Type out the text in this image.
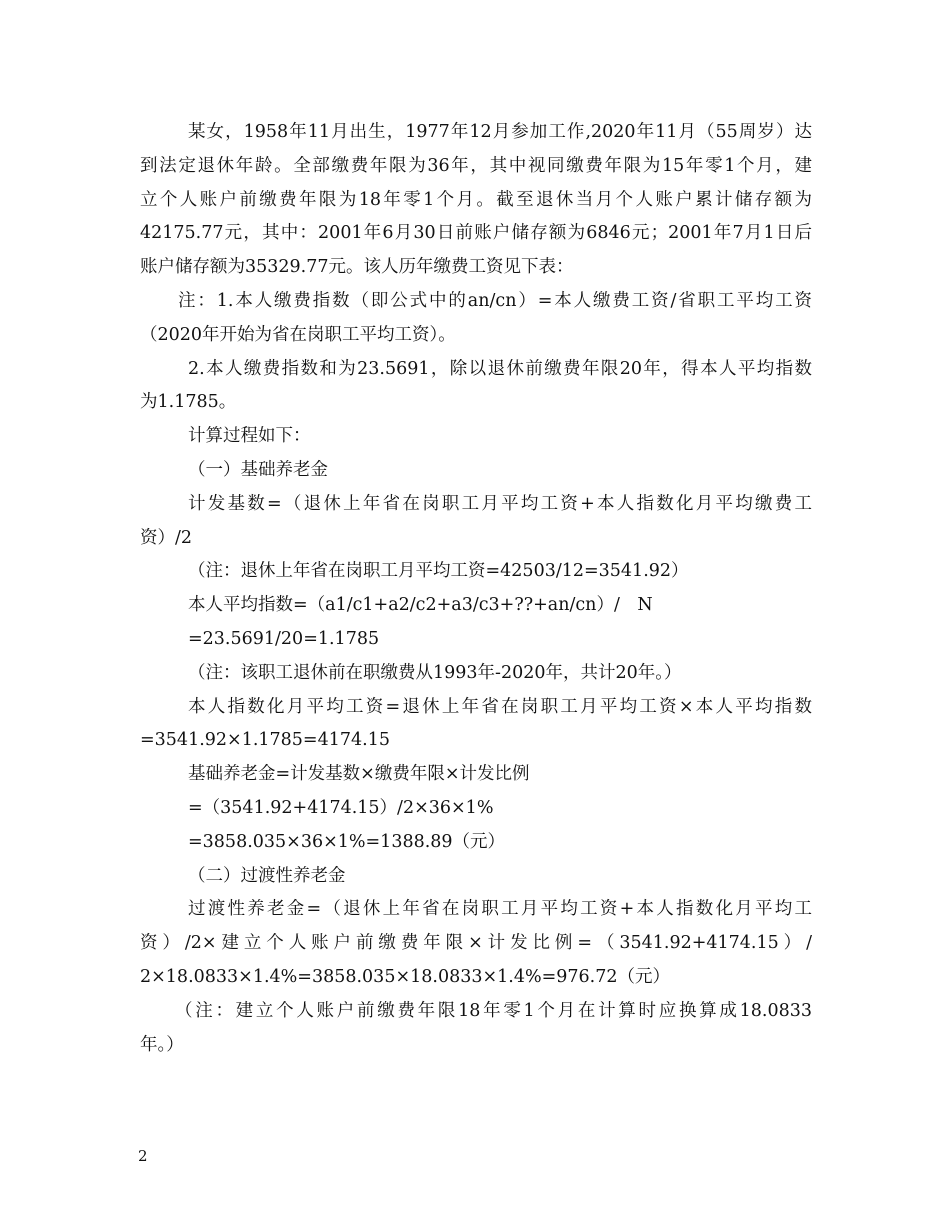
某女，1958年11月出生，1977年12月参加工作,2020年11月（55周岁）达
到法定退休年龄。全部缴费年限为36年，其中视同缴费年限为15年零1个月，建
立个人账户前缴费年限为18年零1个月。截至退休当月个人账户累计储存额为
42175.77元，其中：2001年6月30日前账户储存额为6846元；2001年7月1日后
账户储存额为35329.77元。该人历年缴费工资见下表：
注：1.本人缴费指数（即公式中的an/cn）=本人缴费工资/省职工平均工资
（2020年开始为省在岗职工平均工资）。
2.本人缴费指数和为23.5691，除以退休前缴费年限20年，得本人平均指数
为1.1785。
计算过程如下：
（一）基础养老金
计发基数=（退休上年省在岗职工月平均工资+本人指数化月平均缴费工
资）/2
（注：退休上年省在岗职工月平均工资=42503/12=3541.92）
本人平均指数=（a1/c1+a2/c2+a3/c3+??+an/cn）/　N
=23.5691/20=1.1785
（注：该职工退休前在职缴费从1993年-2020年，共计20年。）
本人指数化月平均工资=退休上年省在岗职工月平均工资×本人平均指数
=3541.92×1.1785=4174.15
基础养老金=计发基数×缴费年限×计发比例
=（3541.92+4174.15）/2×36×1%
=3858.035×36×1%=1388.89（元）
（二）过渡性养老金
过渡性养老金=（退休上年省在岗职工月平均工资+本人指数化月平均工
资）/2×建立个人账户前缴费年限×计发比例=（3541.92+4174.15）/
2×18.0833×1.4%=3858.035×18.0833×1.4%=976.72（元）
（注：建立个人账户前缴费年限18年零1个月在计算时应换算成18.0833
年。）
2
